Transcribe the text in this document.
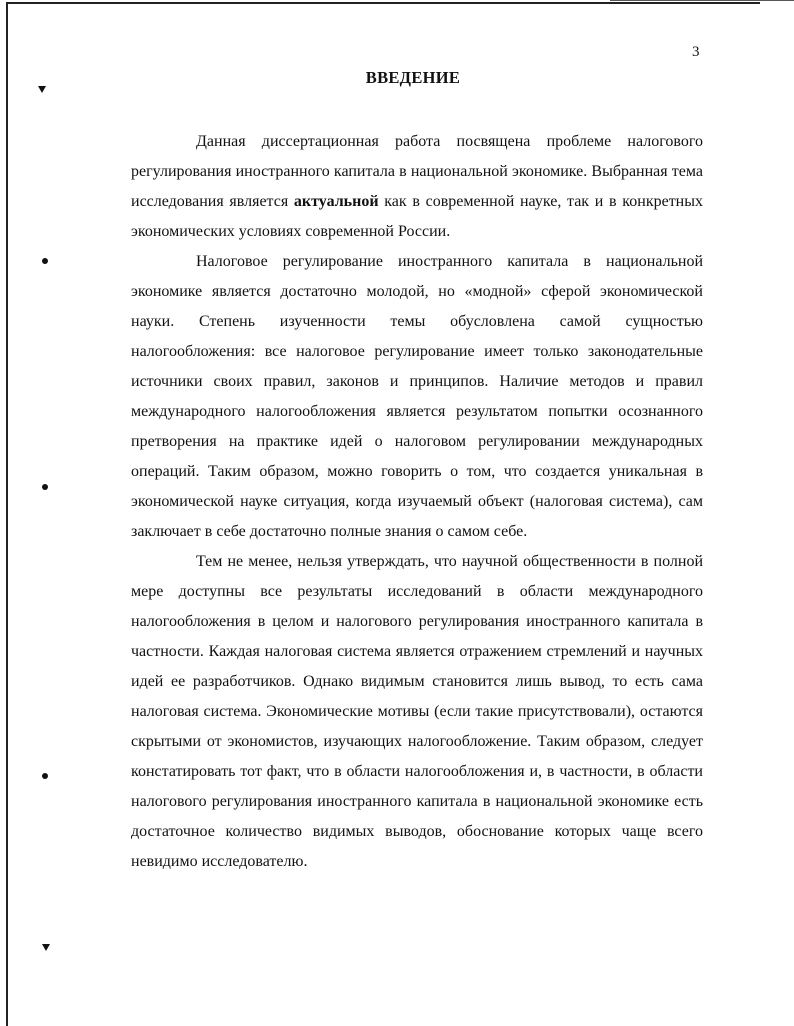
3
ВВЕДЕНИЕ

Данная диссертационная работа посвящена проблеме налогового регулирования иностранного капитала в национальной экономике. Выбранная тема исследования является актуальной как в современной науке, так и в конкретных экономических условиях современной России.

Налоговое регулирование иностранного капитала в национальной экономике является достаточно молодой, но «модной» сферой экономической науки. Степень изученности темы обусловлена самой сущностью налогообложения: все налоговое регулирование имеет только законодательные источники своих правил, законов и принципов. Наличие методов и правил международного налогообложения является результатом попытки осознанного претворения на практике идей о налоговом регулировании международных операций. Таким образом, можно говорить о том, что создается уникальная в экономической науке ситуация, когда изучаемый объект (налоговая система), сам заключает в себе достаточно полные знания о самом себе.

Тем не менее, нельзя утверждать, что научной общественности в полной мере доступны все результаты исследований в области международного налогообложения в целом и налогового регулирования иностранного капитала в частности. Каждая налоговая система является отражением стремлений и научных идей ее разработчиков. Однако видимым становится лишь вывод, то есть сама налоговая система. Экономические мотивы (если такие присутствовали), остаются скрытыми от экономистов, изучающих налогообложение. Таким образом, следует констатировать тот факт, что в области налогообложения и, в частности, в области налогового регулирования иностранного капитала в национальной экономике есть достаточное количество видимых выводов, обоснование которых чаще всего невидимо исследователю.
